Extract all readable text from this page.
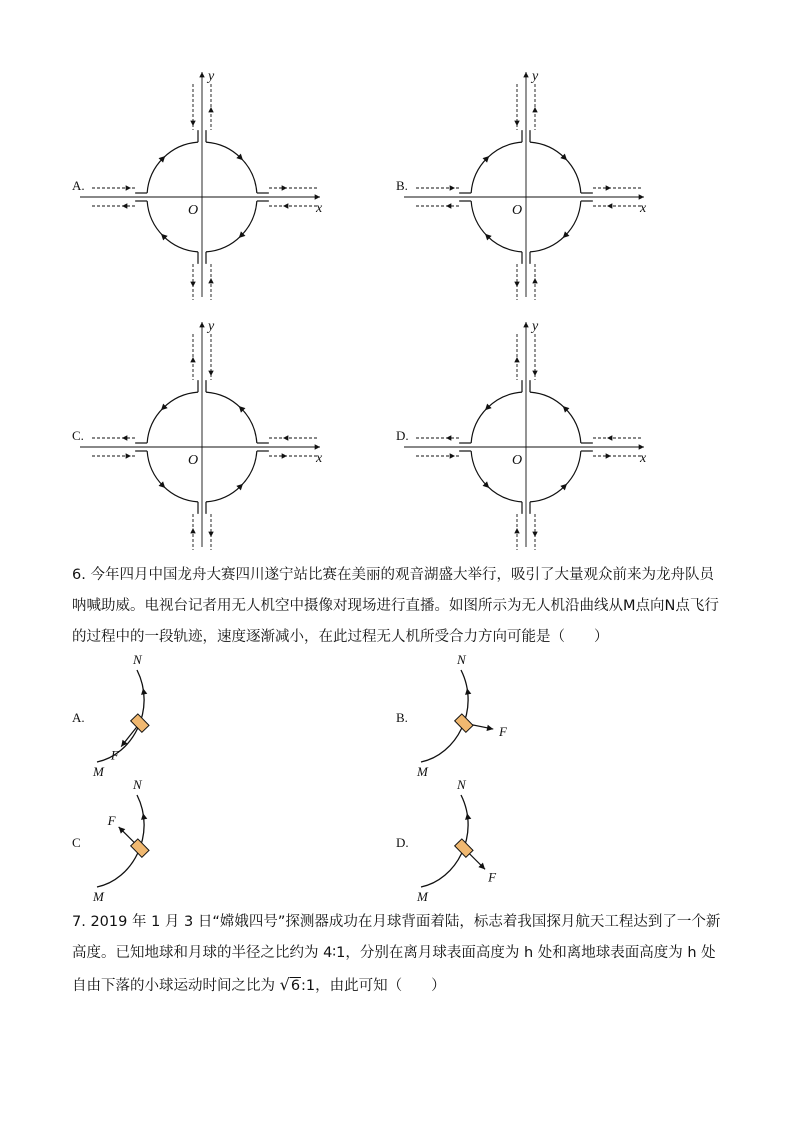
A.
x
y
O
B.
x
y
O
C.
x
y
O
D.
x
y
O
6. 今年四月中国龙舟大赛四川遂宁站比赛在美丽的观音湖盛大举行，吸引了大量观众前来为龙舟队员呐喊助威。电视台记者用无人机空中摄像对现场进行直播。如图所示为无人机沿曲线从M点向N点飞行的过程中的一段轨迹，速度逐渐减小，在此过程无人机所受合力方向可能是（　　）
A.
N
M
F
B.
N
M
F
C
N
M
F
D.
N
M
F
7. 2019 年 1 月 3 日“嫦娥四号”探测器成功在月球背面着陆，标志着我国探月航天工程达到了一个新高度。已知地球和月球的半径之比约为 4∶1，分别在离月球表面高度为 h 处和离地球表面高度为 h 处自由下落的小球运动时间之比为 √6:1，由此可知（　　）
